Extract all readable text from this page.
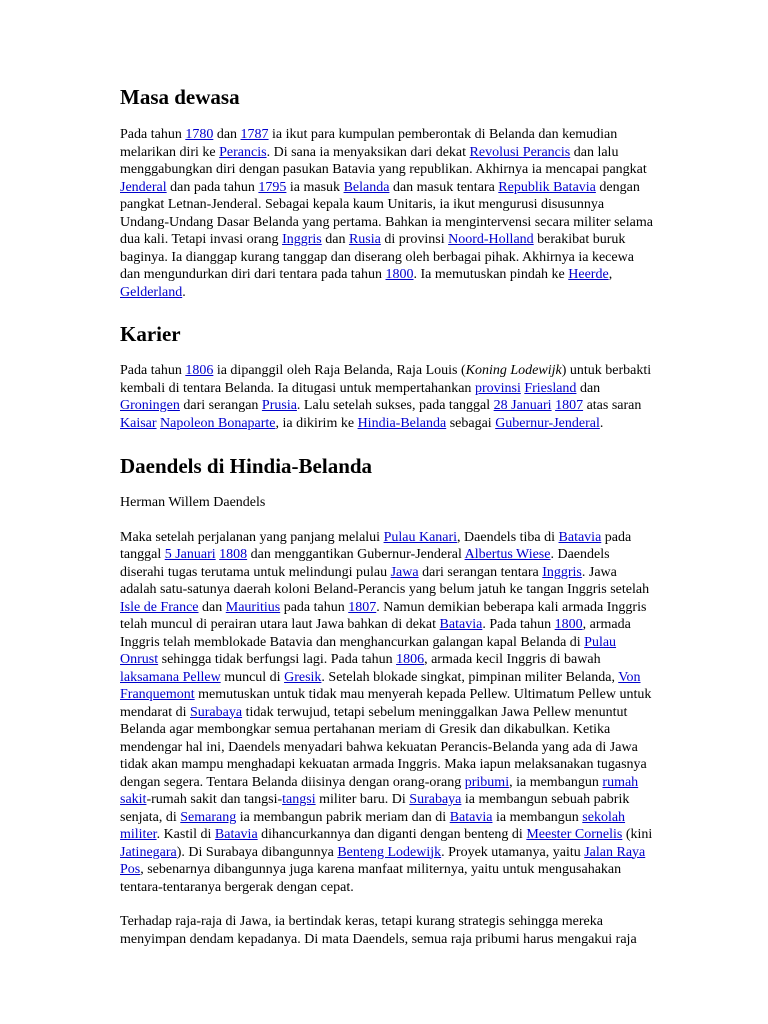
Masa dewasa

Pada tahun 1780 dan 1787 ia ikut para kumpulan pemberontak di Belanda dan kemudian melarikan diri ke Perancis. Di sana ia menyaksikan dari dekat Revolusi Perancis dan lalu menggabungkan diri dengan pasukan Batavia yang republikan. Akhirnya ia mencapai pangkat Jenderal dan pada tahun 1795 ia masuk Belanda dan masuk tentara Republik Batavia dengan pangkat Letnan-Jenderal. Sebagai kepala kaum Unitaris, ia ikut mengurusi disusunnya Undang-Undang Dasar Belanda yang pertama. Bahkan ia mengintervensi secara militer selama dua kali. Tetapi invasi orang Inggris dan Rusia di provinsi Noord-Holland berakibat buruk baginya. Ia dianggap kurang tanggap dan diserang oleh berbagai pihak. Akhirnya ia kecewa dan mengundurkan diri dari tentara pada tahun 1800. Ia memutuskan pindah ke Heerde, Gelderland.

Karier

Pada tahun 1806 ia dipanggil oleh Raja Belanda, Raja Louis (Koning Lodewijk) untuk berbakti kembali di tentara Belanda. Ia ditugasi untuk mempertahankan provinsi Friesland dan Groningen dari serangan Prusia. Lalu setelah sukses, pada tanggal 28 Januari 1807 atas saran Kaisar Napoleon Bonaparte, ia dikirim ke Hindia-Belanda sebagai Gubernur-Jenderal.

Daendels di Hindia-Belanda

Herman Willem Daendels

Maka setelah perjalanan yang panjang melalui Pulau Kanari, Daendels tiba di Batavia pada tanggal 5 Januari 1808 dan menggantikan Gubernur-Jenderal Albertus Wiese. Daendels diserahi tugas terutama untuk melindungi pulau Jawa dari serangan tentara Inggris. Jawa adalah satu-satunya daerah koloni Beland-Perancis yang belum jatuh ke tangan Inggris setelah Isle de France dan Mauritius pada tahun 1807. Namun demikian beberapa kali armada Inggris telah muncul di perairan utara laut Jawa bahkan di dekat Batavia. Pada tahun 1800, armada Inggris telah memblokade Batavia dan menghancurkan galangan kapal Belanda di Pulau Onrust sehingga tidak berfungsi lagi. Pada tahun 1806, armada kecil Inggris di bawah laksamana Pellew muncul di Gresik. Setelah blokade singkat, pimpinan militer Belanda, Von Franquemont memutuskan untuk tidak mau menyerah kepada Pellew. Ultimatum Pellew untuk mendarat di Surabaya tidak terwujud, tetapi sebelum meninggalkan Jawa Pellew menuntut Belanda agar membongkar semua pertahanan meriam di Gresik dan dikabulkan. Ketika mendengar hal ini, Daendels menyadari bahwa kekuatan Perancis-Belanda yang ada di Jawa tidak akan mampu menghadapi kekuatan armada Inggris. Maka iapun melaksanakan tugasnya dengan segera. Tentara Belanda diisinya dengan orang-orang pribumi, ia membangun rumah sakit-rumah sakit dan tangsi-tangsi militer baru. Di Surabaya ia membangun sebuah pabrik senjata, di Semarang ia membangun pabrik meriam dan di Batavia ia membangun sekolah militer. Kastil di Batavia dihancurkannya dan diganti dengan benteng di Meester Cornelis (kini Jatinegara). Di Surabaya dibangunnya Benteng Lodewijk. Proyek utamanya, yaitu Jalan Raya Pos, sebenarnya dibangunnya juga karena manfaat militernya, yaitu untuk mengusahakan tentara-tentaranya bergerak dengan cepat.

Terhadap raja-raja di Jawa, ia bertindak keras, tetapi kurang strategis sehingga mereka menyimpan dendam kepadanya. Di mata Daendels, semua raja pribumi harus mengakui raja
